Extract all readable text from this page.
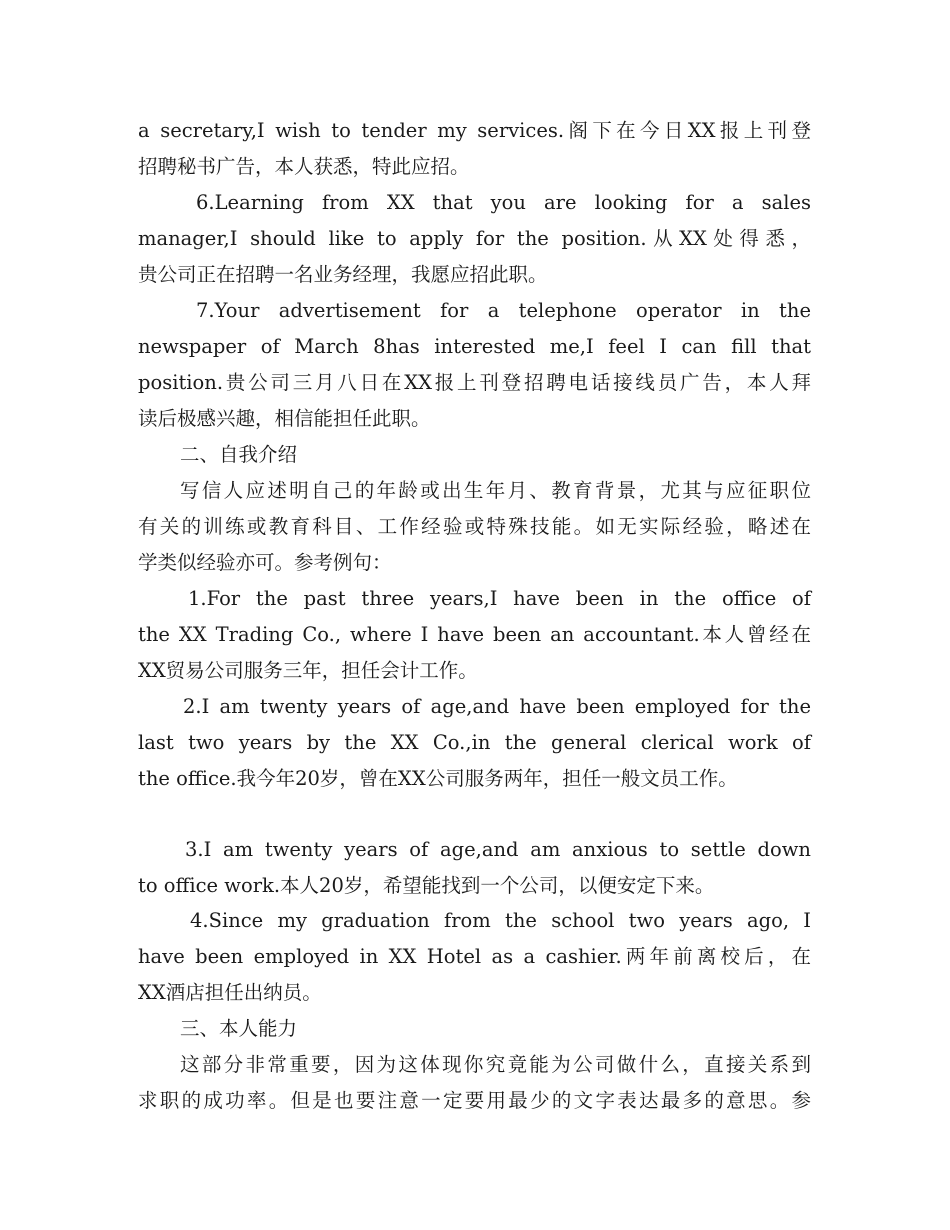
a secretary,I wish to tender my services.阁下在今日XX报上刊登
招聘秘书广告，本人获悉，特此应招。
6.Learning from XX that you are looking for a sales
manager,I should like to apply for the position.从XX处得悉，
贵公司正在招聘一名业务经理，我愿应招此职。
7.Your advertisement for a telephone operator in the
newspaper of March 8has interested me,I feel I can fill that
position.贵公司三月八日在XX报上刊登招聘电话接线员广告，本人拜
读后极感兴趣，相信能担任此职。
二、自我介绍
写信人应述明自己的年龄或出生年月、教育背景，尤其与应征职位
有关的训练或教育科目、工作经验或特殊技能。如无实际经验，略述在
学类似经验亦可。参考例句：
1.For the past three years,I have been in the office of
the XX Trading Co., where I have been an accountant.本人曾经在
XX贸易公司服务三年，担任会计工作。
2.I am twenty years of age,and have been employed for the
last two years by the XX Co.,in the general clerical work of
the office.我今年20岁，曾在XX公司服务两年，担任一般文员工作。
3.I am twenty years of age,and am anxious to settle down
to office work.本人20岁，希望能找到一个公司，以便安定下来。
4.Since my graduation from the school two years ago, I
have been employed in XX Hotel as a cashier.两年前离校后，在
XX酒店担任出纳员。
三、本人能力
这部分非常重要，因为这体现你究竟能为公司做什么，直接关系到
求职的成功率。但是也要注意一定要用最少的文字表达最多的意思。参
